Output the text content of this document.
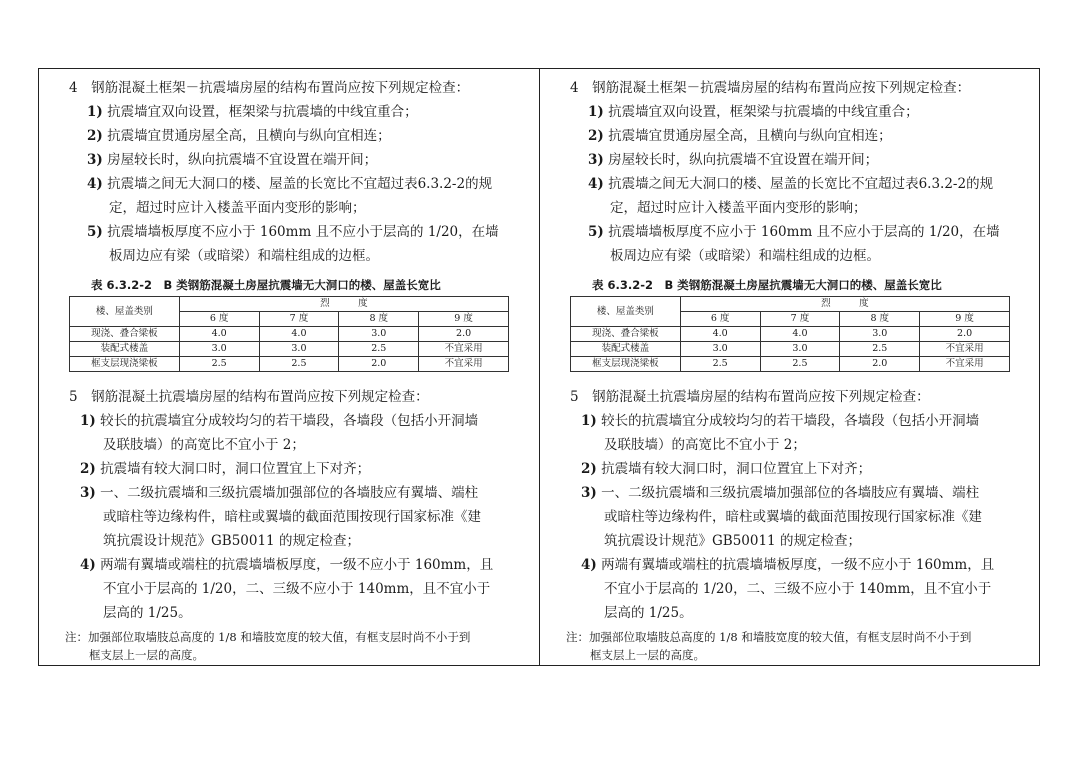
4　钢筋混凝土框架－抗震墙房屋的结构布置尚应按下列规定检查：
1) 抗震墙宜双向设置，框架梁与抗震墙的中线宜重合；
2) 抗震墙宜贯通房屋全高，且横向与纵向宜相连；
3) 房屋较长时，纵向抗震墙不宜设置在端开间；
4) 抗震墙之间无大洞口的楼、屋盖的长宽比不宜超过表6.3.2-2的规
定，超过时应计入楼盖平面内变形的影响；
5) 抗震墙墙板厚度不应小于 160mm 且不应小于层高的 1/20，在墙
板周边应有梁（或暗梁）和端柱组成的边框。
表 6.3.2-2　B 类钢筋混凝土房屋抗震墙无大洞口的楼、屋盖长宽比
楼、屋盖类别	烈　　　度			
	6 度	7 度	8 度	9 度
现浇、叠合梁板	4.0	4.0	3.0	2.0
装配式楼盖	3.0	3.0	2.5	不宜采用
框支层现浇梁板	2.5	2.5	2.0	不宜采用
5　钢筋混凝土抗震墙房屋的结构布置尚应按下列规定检查：
1) 较长的抗震墙宜分成较均匀的若干墙段，各墙段（包括小开洞墙
及联肢墙）的高宽比不宜小于 2；
2) 抗震墙有较大洞口时，洞口位置宜上下对齐；
3) 一、二级抗震墙和三级抗震墙加强部位的各墙肢应有翼墙、端柱
或暗柱等边缘构件，暗柱或翼墙的截面范围按现行国家标准《建
筑抗震设计规范》GB50011 的规定检查；
4) 两端有翼墙或端柱的抗震墙墙板厚度，一级不应小于 160mm，且
不宜小于层高的 1/20，二、三级不应小于 140mm，且不宜小于
层高的 1/25。
注：加强部位取墙肢总高度的 1/8 和墙肢宽度的较大值，有框支层时尚不小于到
框支层上一层的高度。
4　钢筋混凝土框架－抗震墙房屋的结构布置尚应按下列规定检查：
1) 抗震墙宜双向设置，框架梁与抗震墙的中线宜重合；
2) 抗震墙宜贯通房屋全高，且横向与纵向宜相连；
3) 房屋较长时，纵向抗震墙不宜设置在端开间；
4) 抗震墙之间无大洞口的楼、屋盖的长宽比不宜超过表6.3.2-2的规
定，超过时应计入楼盖平面内变形的影响；
5) 抗震墙墙板厚度不应小于 160mm 且不应小于层高的 1/20，在墙
板周边应有梁（或暗梁）和端柱组成的边框。
表 6.3.2-2　B 类钢筋混凝土房屋抗震墙无大洞口的楼、屋盖长宽比
楼、屋盖类别	烈　　　度			
	6 度	7 度	8 度	9 度
现浇、叠合梁板	4.0	4.0	3.0	2.0
装配式楼盖	3.0	3.0	2.5	不宜采用
框支层现浇梁板	2.5	2.5	2.0	不宜采用
5　钢筋混凝土抗震墙房屋的结构布置尚应按下列规定检查：
1) 较长的抗震墙宜分成较均匀的若干墙段，各墙段（包括小开洞墙
及联肢墙）的高宽比不宜小于 2；
2) 抗震墙有较大洞口时，洞口位置宜上下对齐；
3) 一、二级抗震墙和三级抗震墙加强部位的各墙肢应有翼墙、端柱
或暗柱等边缘构件，暗柱或翼墙的截面范围按现行国家标准《建
筑抗震设计规范》GB50011 的规定检查；
4) 两端有翼墙或端柱的抗震墙墙板厚度，一级不应小于 160mm，且
不宜小于层高的 1/20，二、三级不应小于 140mm，且不宜小于
层高的 1/25。
注：加强部位取墙肢总高度的 1/8 和墙肢宽度的较大值，有框支层时尚不小于到
框支层上一层的高度。
